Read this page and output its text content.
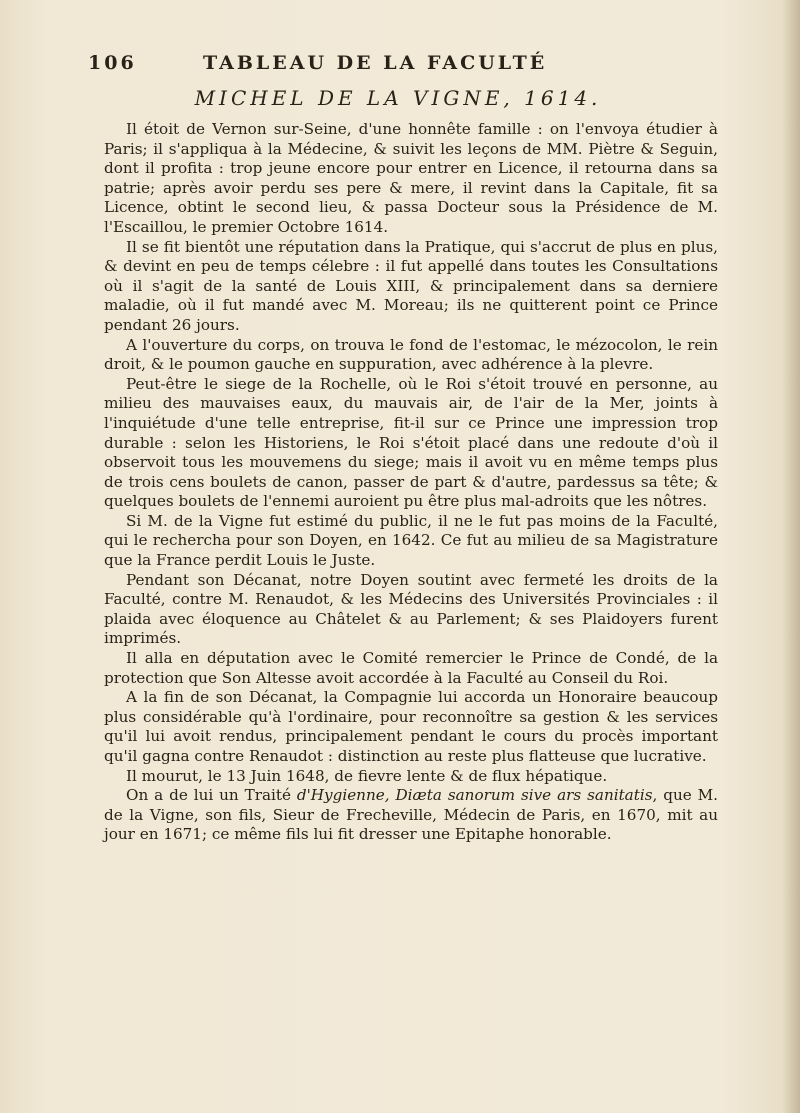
106	TABLEAU DE LA FACULTÉ
MICHEL DE LA VIGNE, 1614.

Il étoit de Vernon sur-Seine, d'une honnête famille : on l'envoya étudier à Paris; il s'appliqua à la Médecine, & suivit les leçons de MM. Piètre & Seguin, dont il profita : trop jeune encore pour entrer en Licence, il retourna dans sa patrie; après avoir perdu ses pere & mere, il revint dans la Capitale, fit sa Licence, obtint le second lieu, & passa Docteur sous la Présidence de M. l'Escaillou, le premier Octobre 1614.

Il se fit bientôt une réputation dans la Pratique, qui s'accrut de plus en plus, & devint en peu de temps célebre : il fut appellé dans toutes les Consultations où il s'agit de la santé de Louis XIII, & principalement dans sa derniere maladie, où il fut mandé avec M. Moreau; ils ne quitterent point ce Prince pendant 26 jours.

A l'ouverture du corps, on trouva le fond de l'estomac, le mézocolon, le rein droit, & le poumon gauche en suppuration, avec adhérence à la plevre.

Peut-être le siege de la Rochelle, où le Roi s'étoit trouvé en personne, au milieu des mauvaises eaux, du mauvais air, de l'air de la Mer, joints à l'inquiétude d'une telle entreprise, fit-il sur ce Prince une impression trop durable : selon les Historiens, le Roi s'étoit placé dans une redoute d'où il observoit tous les mouvemens du siege; mais il avoit vu en même temps plus de trois cens boulets de canon, passer de part & d'autre, pardessus sa tête; & quelques boulets de l'ennemi auroient pu être plus mal-adroits que les nôtres.

Si M. de la Vigne fut estimé du public, il ne le fut pas moins de la Faculté, qui le rechercha pour son Doyen, en 1642. Ce fut au milieu de sa Magistrature que la France perdit Louis le Juste.

Pendant son Décanat, notre Doyen soutint avec fermeté les droits de la Faculté, contre M. Renaudot, & les Médecins des Universités Provinciales : il plaida avec éloquence au Châtelet & au Parlement; & ses Plaidoyers furent imprimés.

Il alla en députation avec le Comité remercier le Prince de Condé, de la protection que Son Altesse avoit accordée à la Faculté au Conseil du Roi.

A la fin de son Décanat, la Compagnie lui accorda un Honoraire beaucoup plus considérable qu'à l'ordinaire, pour reconnoître sa gestion & les services qu'il lui avoit rendus, principalement pendant le cours du procès important qu'il gagna contre Renaudot : distinction au reste plus flatteuse que lucrative.

Il mourut, le 13 Juin 1648, de fievre lente & de flux hépatique.

On a de lui un Traité d'Hygienne, Diæta sanorum sive ars sanitatis, que M. de la Vigne, son fils, Sieur de Frecheville, Médecin de Paris, en 1670, mit au jour en 1671; ce même fils lui fit dresser une Epitaphe honorable.
